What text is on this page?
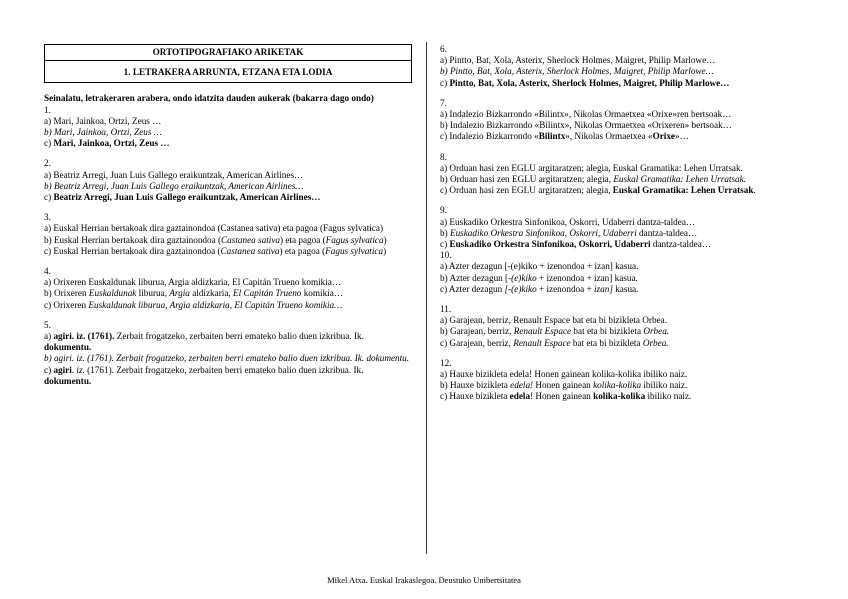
ORTOTIPOGRAFIAKO ARIKETAK
1. LETRAKERA ARRUNTA, ETZANA ETA LODIA

Seinalatu, letrakeraren arabera, ondo idatzita dauden aukerak (bakarra dago ondo)

1.

a) Mari, Jainkoa, Ortzi, Zeus …

b) Mari, Jainkoa, Ortzi, Zeus …

c) Mari, Jainkoa, Ortzi, Zeus …

2.

a) Beatriz Arregi, Juan Luis Gallego eraikuntzak, American Airlines…

b) Beatriz Arregi, Juan Luis Gallego eraikuntzak, American Airlines…

c) Beatriz Arregi, Juan Luis Gallego eraikuntzak, American Airlines…

3.

a) Euskal Herrian bertakoak dira gaztainondoa (Castanea sativa) eta pagoa (Fagus sylvatica)

b) Euskal Herrian bertakoak dira gaztainondoa (Castanea sativa) eta pagoa (Fagus sylvatica)

c) Euskal Herrian bertakoak dira gaztainondoa (Castanea sativa) eta pagoa (Fagus sylvatica)

4.

a) Orixeren Euskaldunak liburua, Argia aldizkaria, El Capitán Trueno komikia…

b) Orixeren Euskaldunak liburua, Argia aldizkaria, El Capitán Trueno komikia…

c) Orixeren Euskaldunak liburua, Argia aldizkaria, El Capitán Trueno komikia…

5.

a) agiri. iz. (1761). Zerbait frogatzeko, zerbaiten berri emateko balio duen izkribua. Ik. dokumentu.

b) agiri. iz. (1761). Zerbait frogatzeko, zerbaiten berri emateko balio duen izkribua. Ik. dokumentu.

c) agiri. iz. (1761). Zerbait frogatzeko, zerbaiten berri emateko balio duen izkribua. Ik. dokumentu.

6.

a) Pintto, Bat, Xola, Asterix, Sherlock Holmes, Maigret, Philip Marlowe…

b) Pintto, Bat, Xola, Asterix, Sherlock Holmes, Maigret, Philip Marlowe…

c) Pintto, Bat, Xola, Asterix, Sherlock Holmes, Maigret, Philip Marlowe…

7.

a) Indalezio Bizkarrondo «Bilintx», Nikolas Ormaetxea «Orixe»ren bertsoak…

b) Indalezio Bizkarrondo «Bilintx», Nikolas Ormaetxea «Orixeren» bertsoak…

c) Indalezio Bizkarrondo «Bilintx», Nikolas Ormaetxea «Orixe»…

8.

a) Orduan hasi zen EGLU argitaratzen; alegia, Euskal Gramatika: Lehen Urratsak.

b) Orduan hasi zen EGLU argitaratzen; alegia, Euskal Gramatika: Lehen Urratsak.

c) Orduan hasi zen EGLU argitaratzen; alegia, Euskal Gramatika: Lehen Urratsak.

9.

a) Euskadiko Orkestra Sinfonikoa, Oskorri, Udaberri dantza-taldea…

b) Euskadiko Orkestra Sinfonikoa, Oskorri, Udaberri dantza-taldea…

c) Euskadiko Orkestra Sinfonikoa, Oskorri, Udaberri dantza-taldea…

10.

a) Azter dezagun [-(e)kiko + izenondoa + izan] kasua.

b) Azter dezagun [-(e)kiko + izenondoa + izan] kasua.

c) Azter dezagun [-(e)kiko + izenondoa + izan] kasua.

11.

a) Garajean, berriz, Renault Espace bat eta bi bizikleta Orbea.

b) Garajean, berriz, Renault Espace bat eta bi bizikleta Orbea.

c) Garajean, berriz, Renault Espace bat eta bi bizikleta Orbea.

12.

a) Hauxe bizikleta edela! Honen gainean kolika-kolika ibiliko naiz.

b) Hauxe bizikleta edela! Honen gainean kolika-kolika ibiliko naiz.

c) Hauxe bizikleta edela! Honen gainean kolika-kolika ibiliko naiz.

Mikel Atxa. Euskal Irakaslegoa. Deustuko Unibertsitatea
